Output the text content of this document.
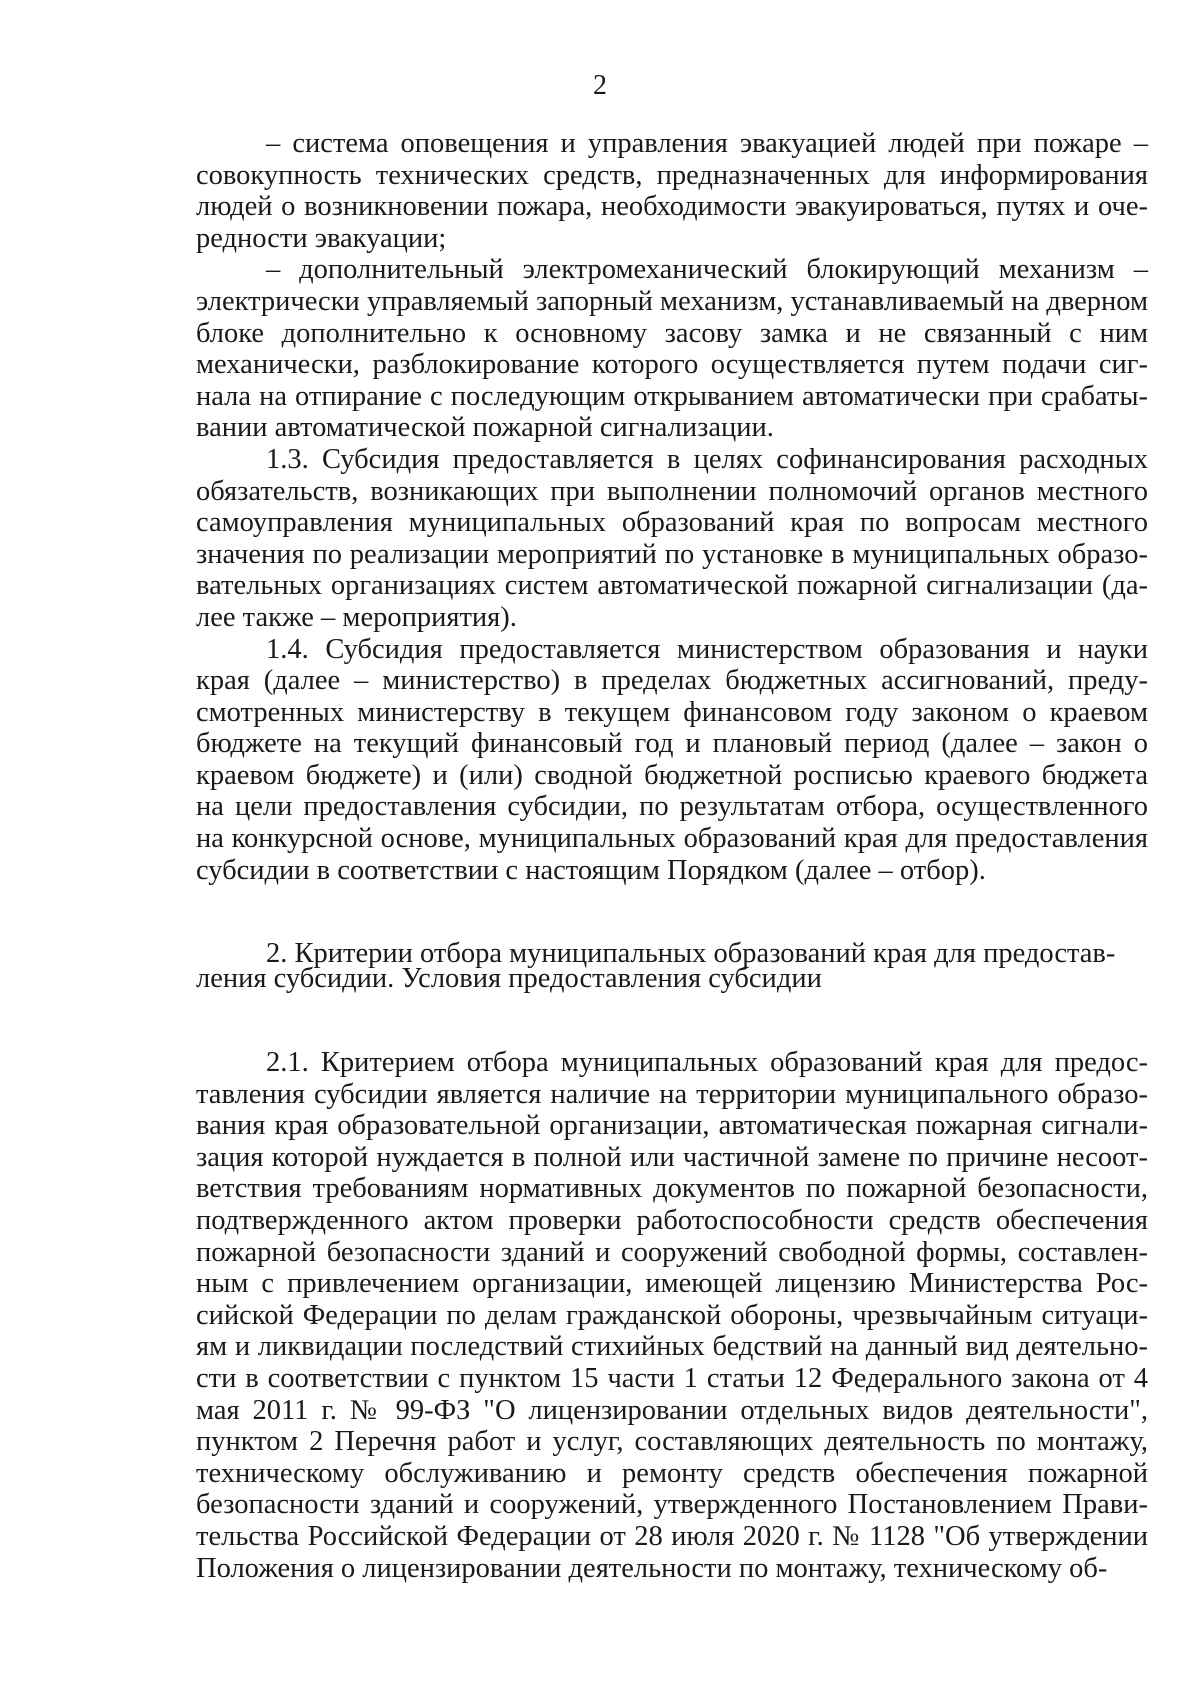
2

– система оповещения и управления эвакуацией людей при пожаре – совокупность технических средств, предназначенных для информирования людей о возникновении пожара, необходимости эвакуироваться, путях и очередности эвакуации;

– дополнительный электромеханический блокирующий механизм – электрически управляемый запорный механизм, устанавливаемый на дверном блоке дополнительно к основному засову замка и не связанный с ним механически, разблокирование которого осуществляется путем подачи сигнала на отпирание с последующим открыванием автоматически при срабатывании автоматической пожарной сигнализации.

1.3. Субсидия предоставляется в целях софинансирования расходных обязательств, возникающих при выполнении полномочий органов местного самоуправления муниципальных образований края по вопросам местного значения по реализации мероприятий по установке в муниципальных образовательных организациях систем автоматической пожарной сигнализации (далее также – мероприятия).

1.4. Субсидия предоставляется министерством образования и науки края (далее – министерство) в пределах бюджетных ассигнований, предусмотренных министерству в текущем финансовом году законом о краевом бюджете на текущий финансовый год и плановый период (далее – закон о краевом бюджете) и (или) сводной бюджетной росписью краевого бюджета на цели предоставления субсидии, по результатам отбора, осуществленного на конкурсной основе, муниципальных образований края для предоставления субсидии в соответствии с настоящим Порядком (далее – отбор).

2. Критерии отбора муниципальных образований края для предоставления субсидии. Условия предоставления субсидии

2.1. Критерием отбора муниципальных образований края для предоставления субсидии является наличие на территории муниципального образования края образовательной организации, автоматическая пожарная сигнализация которой нуждается в полной или частичной замене по причине несоответствия требованиям нормативных документов по пожарной безопасности, подтвержденного актом проверки работоспособности средств обеспечения пожарной безопасности зданий и сооружений свободной формы, составленным с привлечением организации, имеющей лицензию Министерства Российской Федерации по делам гражданской обороны, чрезвычайным ситуациям и ликвидации последствий стихийных бедствий на данный вид деятельности в соответствии с пунктом 15 части 1 статьи 12 Федерального закона от 4 мая 2011 г. № 99-ФЗ "О лицензировании отдельных видов деятельности", пунктом 2 Перечня работ и услуг, составляющих деятельность по монтажу, техническому обслуживанию и ремонту средств обеспечения пожарной безопасности зданий и сооружений, утвержденного Постановлением Правительства Российской Федерации от 28 июля 2020 г. № 1128 "Об утверждении Положения о лицензировании деятельности по монтажу, техническому об-
